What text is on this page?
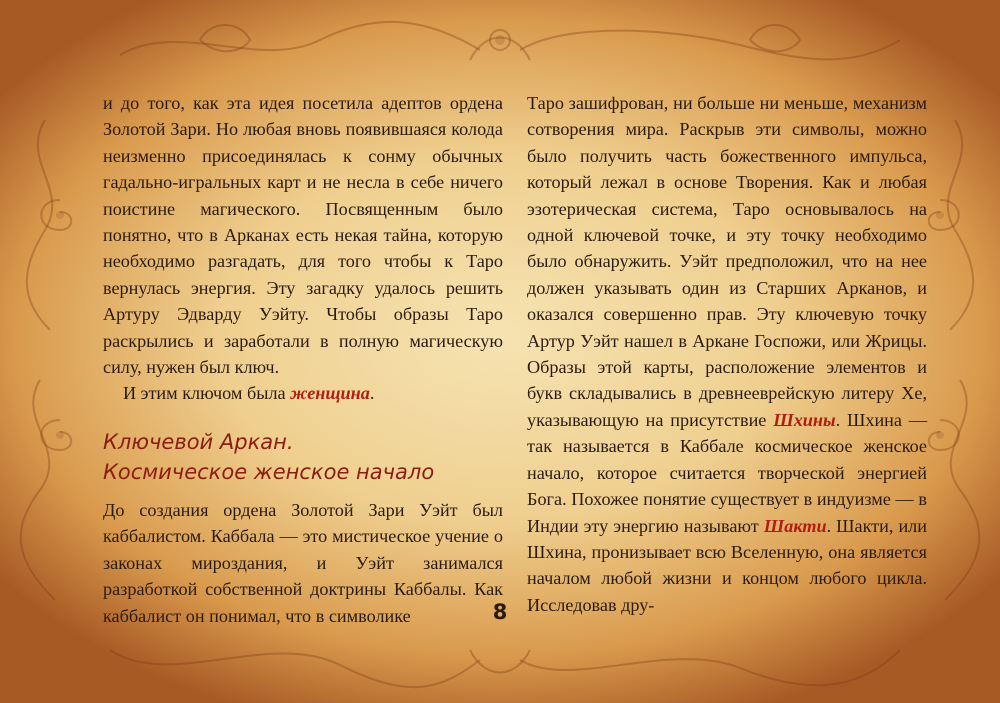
и до того, как эта идея посетила адептов ордена Золотой Зари. Но любая вновь появившаяся колода неизменно присоединялась к сонму обычных гадально-игральных карт и не несла в себе ничего поистине магического. Посвященным было понятно, что в Арканах есть некая тайна, которую необходимо разгадать, для того чтобы к Таро вернулась энергия. Эту загадку удалось решить Артуру Эдварду Уэйту. Чтобы образы Таро раскрылись и заработали в полную магическую силу, нужен был ключ.

И этим ключом была женщина.

Ключевой Аркан.
Космическое женское начало

До создания ордена Золотой Зари Уэйт был каббалистом. Каббала — это мистическое учение о законах мироздания, и Уэйт занимался разработкой собственной доктрины Каббалы. Как каббалист он понимал, что в символике

Таро зашифрован, ни больше ни меньше, механизм сотворения мира. Раскрыв эти символы, можно было получить часть божественного импульса, который лежал в основе Творения. Как и любая эзотерическая система, Таро основывалось на одной ключевой точке, и эту точку необходимо было обнаружить. Уэйт предположил, что на нее должен указывать один из Старших Арканов, и оказался совершенно прав. Эту ключевую точку Артур Уэйт нашел в Аркане Госпожи, или Жрицы. Образы этой карты, расположение элементов и букв складывались в древнееврейскую литеру Хе, указывающую на присутствие Шхины. Шхина — так называется в Каббале космическое женское начало, которое считается творческой энергией Бога. Похожее понятие существует в индуизме — в Индии эту энергию называют Шакти. Шакти, или Шхина, пронизывает всю Вселенную, она является началом любой жизни и концом любого цикла. Исследовав дру-

8
